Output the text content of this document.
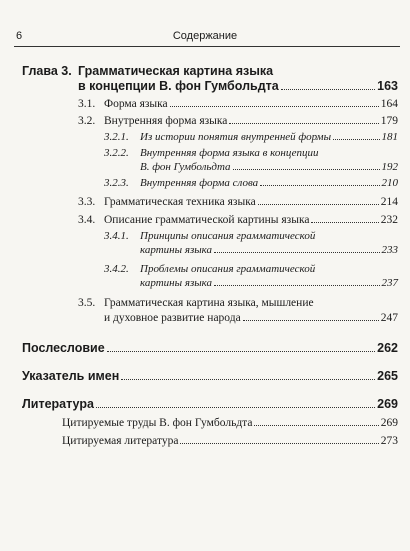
6	Содержание
Глава 3. Грамматическая картина языка
в концепции В. фон Гумбольдта	163
3.1. Форма языка	164
3.2. Внутренняя форма языка	179
3.2.1. Из истории понятия внутренней формы	181
3.2.2. Внутренняя форма языка в концепции
В. фон Гумбольдта	192
3.2.3. Внутренняя форма слова	210
3.3. Грамматическая техника языка	214
3.4. Описание грамматической картины языка	232
3.4.1. Принципы описания грамматической
картины языка	233
3.4.2. Проблемы описания грамматической
картины языка	237
3.5. Грамматическая картина языка, мышление
и духовное развитие народа	247
Послесловие	262
Указатель имен	265
Литература	269
Цитируемые труды В. фон Гумбольдта	269
Цитируемая литература	273
